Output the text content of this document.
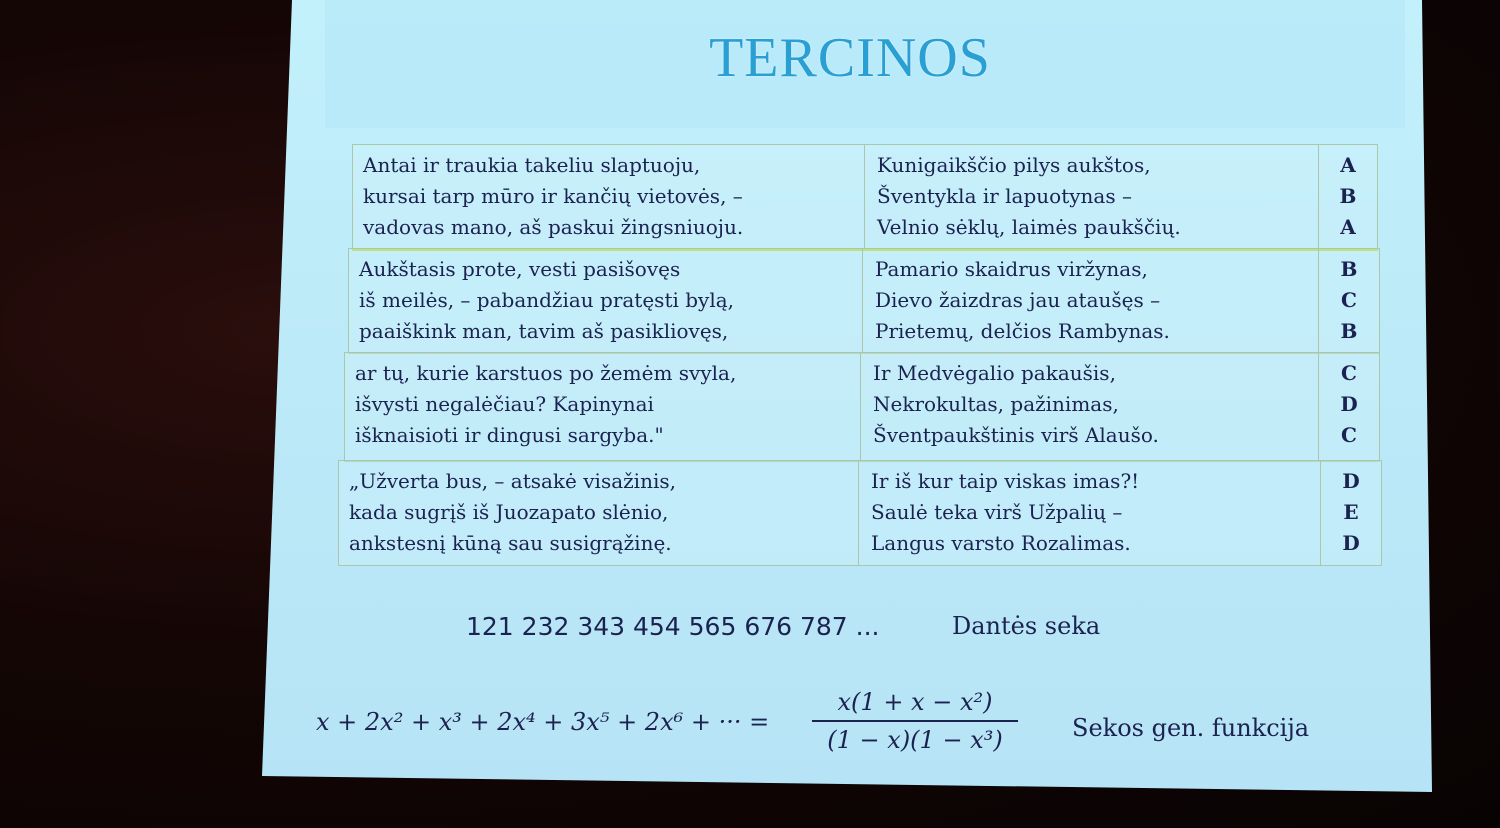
TERCINOS
Antai ir traukia takeliu slaptuoju,
kursai tarp mūro ir kančių vietovės, –
vadovas mano, aš paskui žingsniuoju.
Kunigaikščio pilys aukštos,
Šventykla ir lapuotynas –
Velnio sėklų, laimės paukščių.
A
B
A
Aukštasis prote, vesti pasišovęs
iš meilės, – pabandžiau pratęsti bylą,
paaiškink man, tavim aš pasikliovęs,
Pamario skaidrus viržynas,
Dievo žaizdras jau ataušęs –
Prietemų, delčios Rambynas.
B
C
B
ar tų, kurie karstuos po žemėm svyla,
išvysti negalėčiau? Kapinynai
išknaisioti ir dingusi sargyba."
Ir Medvėgalio pakaušis,
Nekrokultas, pažinimas,
Šventpaukštinis virš Alaušo.
C
D
C
„Užverta bus, – atsakė visažinis,
kada sugrįš iš Juozapato slėnio,
ankstesnį kūną sau susigrąžinę.
Ir iš kur taip viskas imas?!
Saulė teka virš Užpalių –
Langus varsto Rozalimas.
D
E
D
121 232 343 454 565 676 787 ...	Dantės seka
x + 2x² + x³ + 2x⁴ + 3x⁵ + 2x⁶ + ··· = $\frac{\text{x(1 + x − x²)}}{\text{(1 − x)(1 − x³)}}$ Sekos gen. funkcija
